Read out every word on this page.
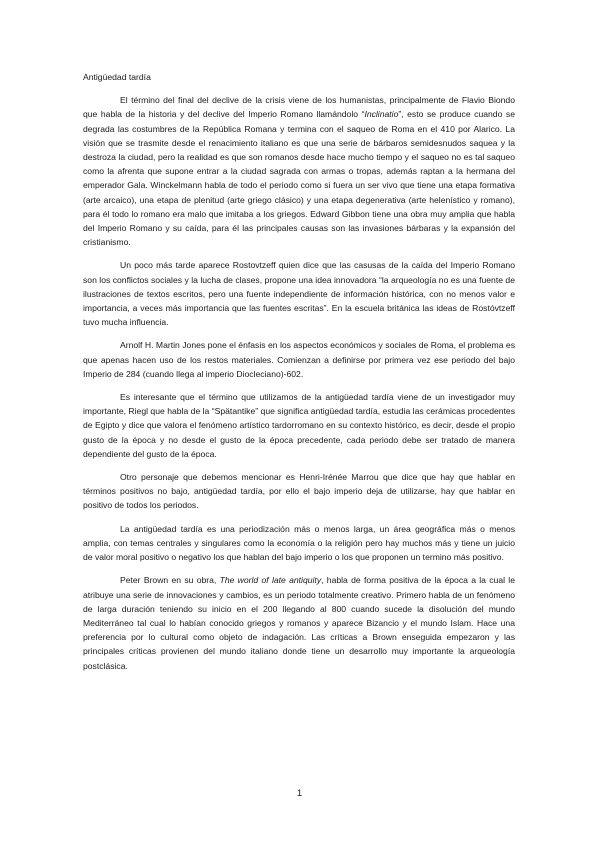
Antigüedad tardía

El término del final del declive de la crisis viene de los humanistas, principalmente de Flavio Biondo que habla de la historia y del declive del Imperio Romano llamándolo “Inclinatio”, esto se produce cuando se degrada las costumbres de la República Romana y termina con el saqueo de Roma en el 410 por Alarico. La visión que se trasmite desde el renacimiento italiano es que una serie de bárbaros semidesnudos saquea y la destroza la ciudad, pero la realidad es que son romanos desde hace mucho tiempo y el saqueo no es tal saqueo como la afrenta que supone entrar a la ciudad sagrada con armas o tropas, además raptan a la hermana del emperador Gala. Winckelmann habla de todo el periodo como si fuera un ser vivo que tiene una etapa formativa (arte arcaico), una etapa de plenitud (arte griego clásico) y una etapa degenerativa (arte helenístico y romano), para él todo lo romano era malo que imitaba a los griegos. Edward Gibbon tiene una obra muy amplia que habla del Imperio Romano y su caída, para él las principales causas son las invasiones bárbaras y la expansión del cristianismo.

Un poco más tarde aparece Rostovtzeff quien dice que las casusas de la caída del Imperio Romano son los conflictos sociales y la lucha de clases, propone una idea innovadora “la arqueología no es una fuente de ilustraciones de textos escritos, pero una fuente independiente de información histórica, con no menos valor e importancia, a veces más importancia que las fuentes escritas”. En la escuela británica las ideas de Rostóvtzeff tuvo mucha influencia.

Arnolf H. Martin Jones pone el énfasis en los aspectos económicos y sociales de Roma, el problema es que apenas hacen uso de los restos materiales. Comienzan a definirse por primera vez ese periodo del bajo Imperio de 284 (cuando llega al imperio Diocleciano)-602.

Es interesante que el término que utilizamos de la antigüedad tardía viene de un investigador muy importante, Riegl que habla de la “Spätantike” que significa antigüedad tardía, estudia las cerámicas procedentes de Egipto y dice que valora el fenómeno artístico tardorromano en su contexto histórico, es decir, desde el propio gusto de la época y no desde el gusto de la época precedente, cada periodo debe ser tratado de manera dependiente del gusto de la época.

Otro personaje que debemos mencionar es Henri-Irénée Marrou que dice que hay que hablar en términos positivos no bajo, antigüedad tardía, por ello el bajo imperio deja de utilizarse, hay que hablar en positivo de todos los periodos.

La antigüedad tardía es una periodización más o menos larga, un área geográfica más o menos amplia, con temas centrales y singulares como la economía o la religión pero hay muchos más y tiene un juicio de valor moral positivo o negativo los que hablan del bajo imperio o los que proponen un termino más positivo.

Peter Brown en su obra, The world of late antiquity, habla de forma positiva de la época a la cual le atribuye una serie de innovaciones y cambios, es un periodo totalmente creativo. Primero habla de un fenómeno de larga duración teniendo su inicio en el 200 llegando al 800 cuando sucede la disolución del mundo Mediterráneo tal cual lo habían conocido griegos y romanos y aparece Bizancio y el mundo Islam. Hace una preferencia por lo cultural como objeto de indagación. Las críticas a Brown enseguida empezaron y las principales críticas provienen del mundo italiano donde tiene un desarrollo muy importante la arqueología postclásica.

1
